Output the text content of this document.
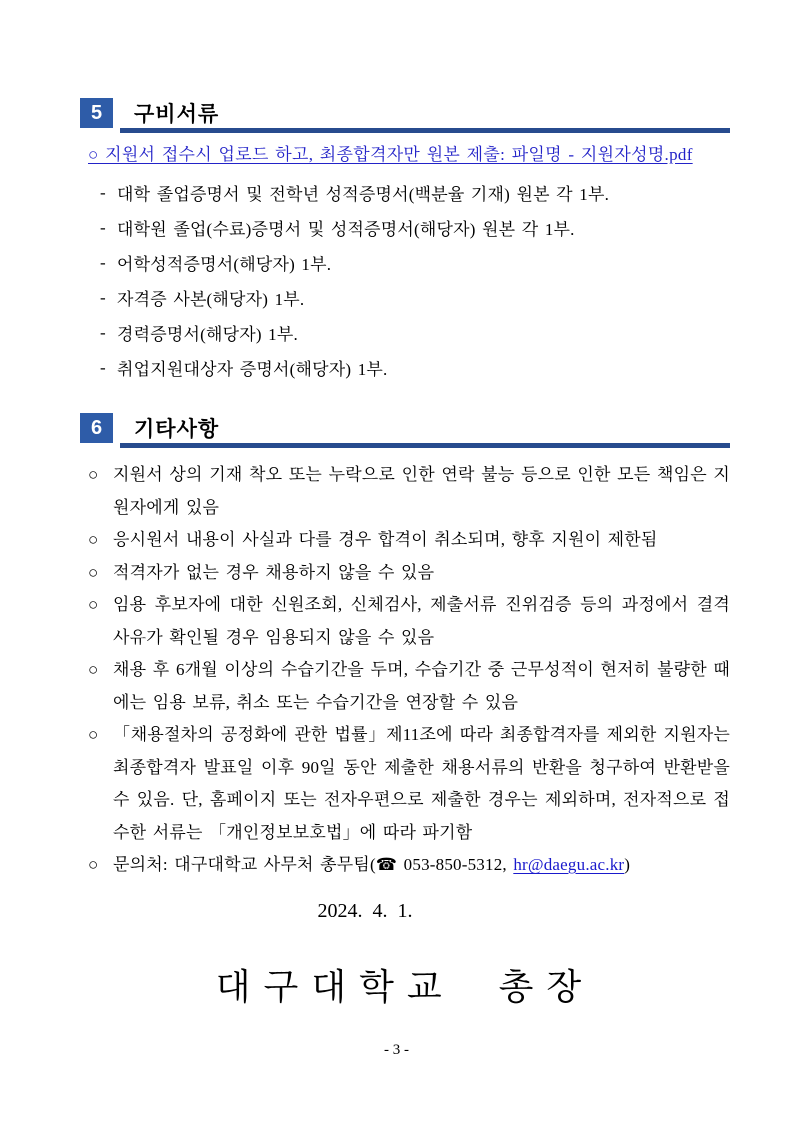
5	구비서류
○ 지원서 접수시 업로드 하고, 최종합격자만 원본 제출: 파일명 - 지원자성명.pdf
- 대학 졸업증명서 및 전학년 성적증명서(백분율 기재) 원본 각 1부.
- 대학원 졸업(수료)증명서 및 성적증명서(해당자) 원본 각 1부.
- 어학성적증명서(해당자) 1부.
- 자격증 사본(해당자) 1부.
- 경력증명서(해당자) 1부.
- 취업지원대상자 증명서(해당자) 1부.
6	기타사항
○ 지원서 상의 기재 착오 또는 누락으로 인한 연락 불능 등으로 인한 모든 책임은 지원자에게 있음
○ 응시원서 내용이 사실과 다를 경우 합격이 취소되며, 향후 지원이 제한됨
○ 적격자가 없는 경우 채용하지 않을 수 있음
○ 임용 후보자에 대한 신원조회, 신체검사, 제출서류 진위검증 등의 과정에서 결격 사유가 확인될 경우 임용되지 않을 수 있음
○ 채용 후 6개월 이상의 수습기간을 두며, 수습기간 중 근무성적이 현저히 불량한 때에는 임용 보류, 취소 또는 수습기간을 연장할 수 있음
○ 「채용절차의 공정화에 관한 법률」제11조에 따라 최종합격자를 제외한 지원자는 최종합격자 발표일 이후 90일 동안 제출한 채용서류의 반환을 청구하여 반환받을 수 있음. 단, 홈페이지 또는 전자우편으로 제출한 경우는 제외하며, 전자적으로 접수한 서류는 「개인정보보호법」에 따라 파기함
○ 문의처: 대구대학교 사무처 총무팀(☎ 053-850-5312, hr@daegu.ac.kr)
2024.  4.  1.
대구대학교  총장
- 3 -
